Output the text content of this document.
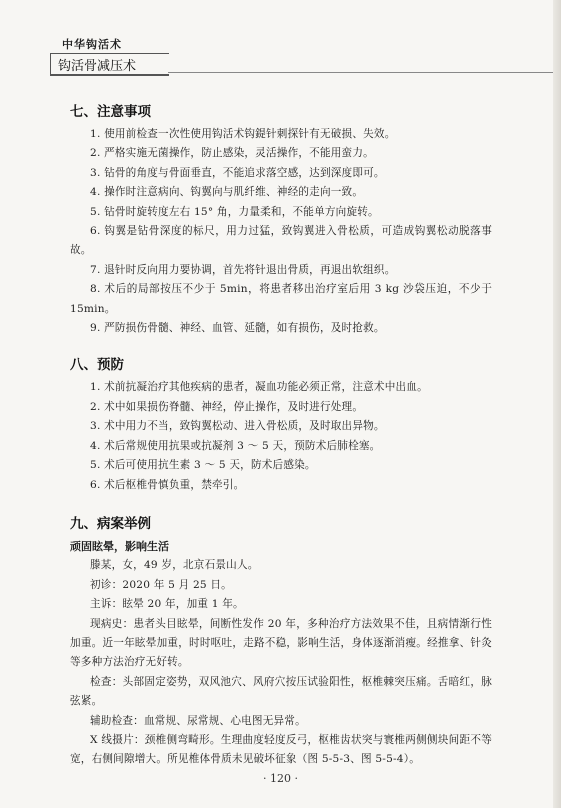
中华钩活术
钩活骨减压术
七、注意事项

1. 使用前检查一次性使用钩活术钩鍉针刺探针有无破损、失效。

2. 严格实施无菌操作，防止感染，灵活操作，不能用蛮力。

3. 钻骨的角度与骨面垂直，不能追求落空感，达到深度即可。

4. 操作时注意病向、钩翼向与肌纤维、神经的走向一致。

5. 钻骨时旋转度左右 15° 角，力量柔和，不能单方向旋转。

6. 钩翼是钻骨深度的标尺，用力过猛，致钩翼进入骨松质，可造成钩翼松动脱落事故。

7. 退针时反向用力要协调，首先将针退出骨质，再退出软组织。

8. 术后的局部按压不少于 5min，将患者移出治疗室后用 3 kg 沙袋压迫，不少于 15min。

9. 严防损伤骨髓、神经、血管、延髓，如有损伤，及时抢救。

八、预防

1. 术前抗凝治疗其他疾病的患者，凝血功能必须正常，注意术中出血。

2. 术中如果损伤脊髓、神经，停止操作，及时进行处理。

3. 术中用力不当，致钩翼松动、进入骨松质，及时取出异物。

4. 术后常规使用抗果或抗凝剂 3 ～ 5 天，预防术后肺栓塞。

5. 术后可使用抗生素 3 ～ 5 天，防术后感染。

6. 术后枢椎骨慎负重，禁牵引。

九、病案举例

顽固眩晕，影响生活

滕某，女，49 岁，北京石景山人。

初诊：2020 年 5 月 25 日。

主诉：眩晕 20 年，加重 1 年。

现病史：患者头目眩晕，间断性发作 20 年，多种治疗方法效果不佳，且病情渐行性加重。近一年眩晕加重，时时呕吐，走路不稳，影响生活，身体逐渐消瘦。经推拿、针灸等多种方法治疗无好转。

检查：头部固定姿势，双风池穴、风府穴按压试验阳性，枢椎棘突压痛。舌暗红，脉弦紧。

辅助检查：血常规、尿常规、心电图无异常。

X 线摄片：颈椎侧弯畸形。生理曲度轻度反弓，枢椎齿状突与寰椎两侧侧块间距不等宽，右侧间隙增大。所见椎体骨质未见破坏征象（图 5-5-3、图 5-5-4）。

· 120 ·
